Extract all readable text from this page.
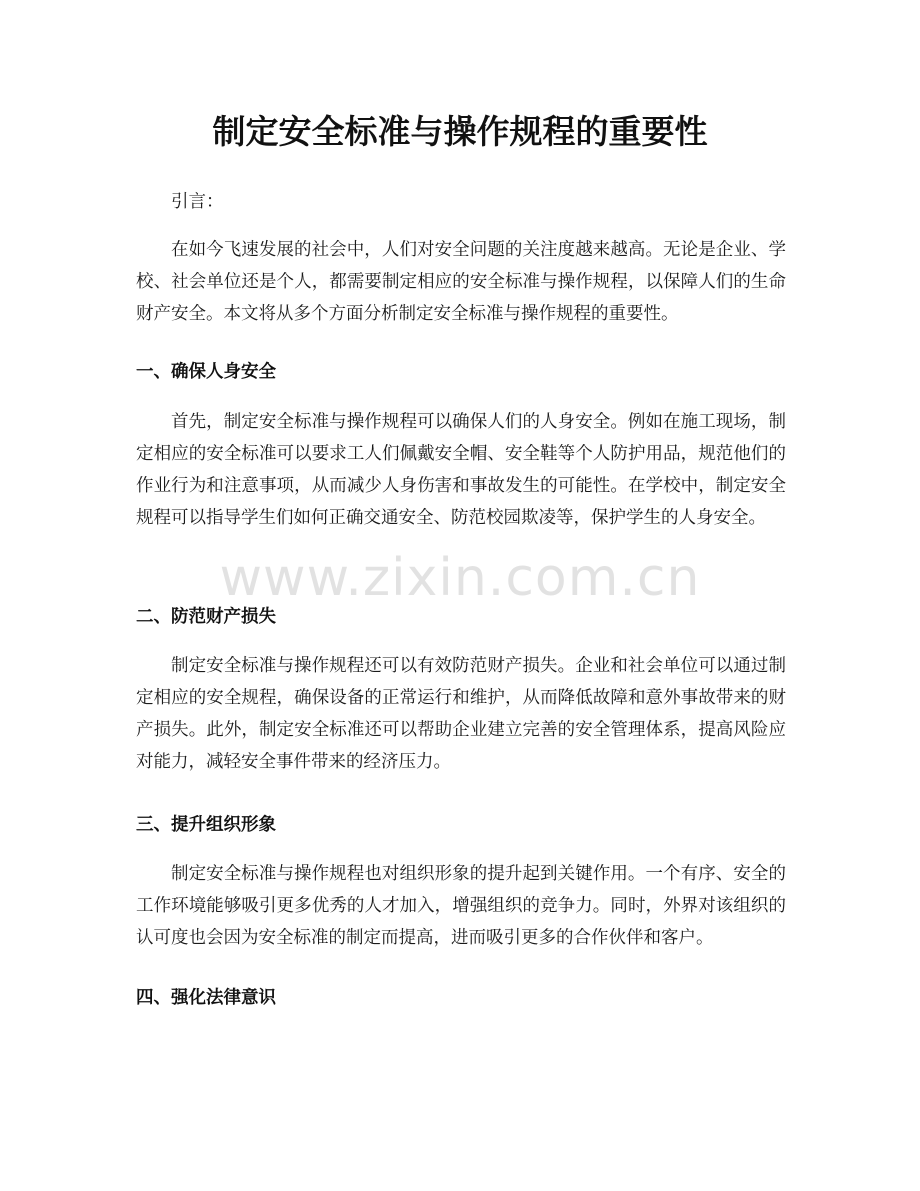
制定安全标准与操作规程的重要性

引言：

在如今飞速发展的社会中，人们对安全问题的关注度越来越高。无论是企业、学校、社会单位还是个人，都需要制定相应的安全标准与操作规程，以保障人们的生命财产安全。本文将从多个方面分析制定安全标准与操作规程的重要性。

一、确保人身安全

首先，制定安全标准与操作规程可以确保人们的人身安全。例如在施工现场，制定相应的安全标准可以要求工人们佩戴安全帽、安全鞋等个人防护用品，规范他们的作业行为和注意事项，从而减少人身伤害和事故发生的可能性。在学校中，制定安全规程可以指导学生们如何正确交通安全、防范校园欺凌等，保护学生的人身安全。

二、防范财产损失

制定安全标准与操作规程还可以有效防范财产损失。企业和社会单位可以通过制定相应的安全规程，确保设备的正常运行和维护，从而降低故障和意外事故带来的财产损失。此外，制定安全标准还可以帮助企业建立完善的安全管理体系，提高风险应对能力，减轻安全事件带来的经济压力。

三、提升组织形象

制定安全标准与操作规程也对组织形象的提升起到关键作用。一个有序、安全的工作环境能够吸引更多优秀的人才加入，增强组织的竞争力。同时，外界对该组织的认可度也会因为安全标准的制定而提高，进而吸引更多的合作伙伴和客户。

四、强化法律意识
www.zixin.com.cn
